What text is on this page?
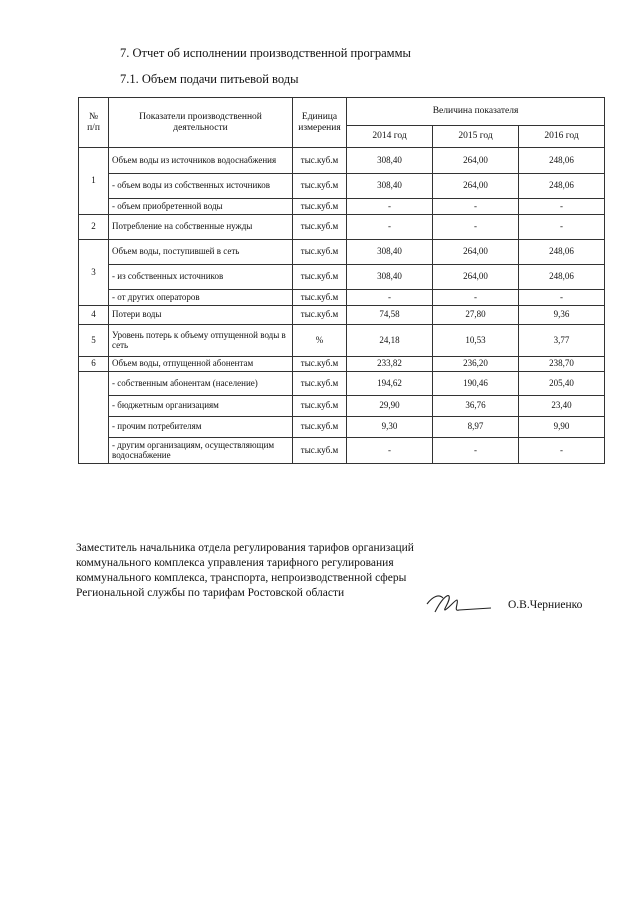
7. Отчет об исполнении производственной программы
7.1. Объем подачи питьевой воды
№
п/п	Показатели производственной деятельности	Единица измерения	Величина показателя		
			2014 год	2015 год	2016 год
1	Объем воды из источников водоснабжения	тыс.куб.м	308,40	264,00	248,06
	- объем воды из собственных источников	тыс.куб.м	308,40	264,00	248,06
	- объем приобретенной воды	тыс.куб.м	-	-	-
2	Потребление на собственные нужды	тыс.куб.м	-	-	-
3	Объем воды, поступившей в сеть	тыс.куб.м	308,40	264,00	248,06
	- из собственных источников	тыс.куб.м	308,40	264,00	248,06
	- от других операторов	тыс.куб.м	-	-	-
4	Потери воды	тыс.куб.м	74,58	27,80	9,36
5	Уровень потерь к объему отпущенной воды в сеть	%	24,18	10,53	3,77
6	Объем воды, отпущенной абонентам	тыс.куб.м	233,82	236,20	238,70
	- собственным абонентам (население)	тыс.куб.м	194,62	190,46	205,40
	- бюджетным организациям	тыс.куб.м	29,90	36,76	23,40
	- прочим потребителям	тыс.куб.м	9,30	8,97	9,90
	- другим организациям, осуществляющим водоснабжение	тыс.куб.м	-	-	-
Заместитель начальника отдела регулирования тарифов организаций коммунального комплекса управления тарифного регулирования коммунального комплекса, транспорта, непроизводственной сферы Региональной службы по тарифам Ростовской области
О.В.Черниенко
